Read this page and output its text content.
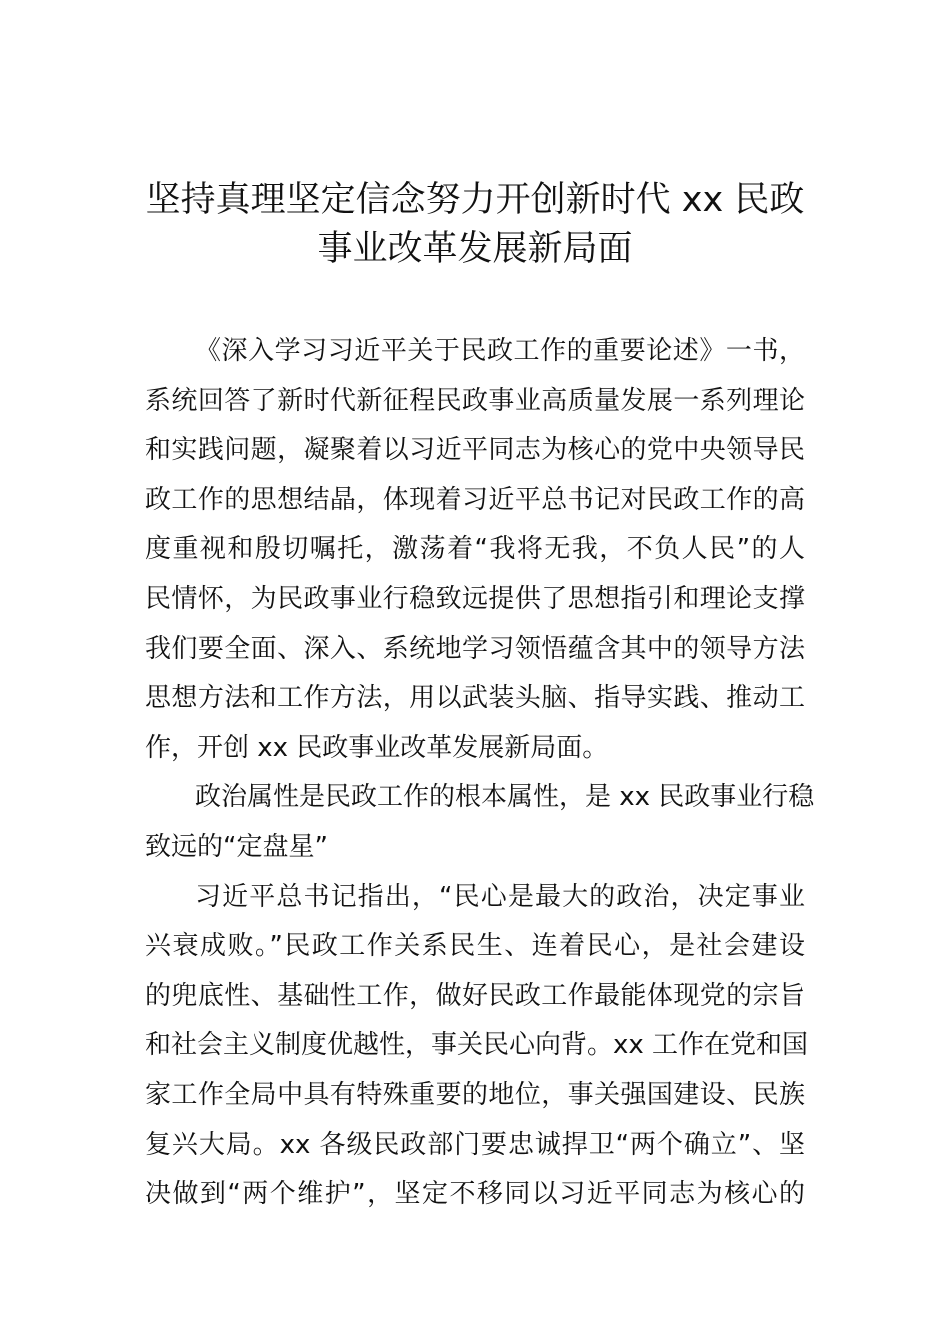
坚持真理坚定信念努力开创新时代 xx 民政
事业改革发展新局面
《深入学习习近平关于民政工作的重要论述》一书，
系统回答了新时代新征程民政事业高质量发展一系列理论
和实践问题，凝聚着以习近平同志为核心的党中央领导民
政工作的思想结晶，体现着习近平总书记对民政工作的高
度重视和殷切嘱托，激荡着“我将无我，不负人民”的人
民情怀，为民政事业行稳致远提供了思想指引和理论支撑
我们要全面、深入、系统地学习领悟蕴含其中的领导方法
思想方法和工作方法，用以武装头脑、指导实践、推动工
作，开创 xx 民政事业改革发展新局面。
政治属性是民政工作的根本属性，是 xx 民政事业行稳
致远的“定盘星”
习近平总书记指出，“民心是最大的政治，决定事业
兴衰成败。”民政工作关系民生、连着民心，是社会建设
的兜底性、基础性工作，做好民政工作最能体现党的宗旨
和社会主义制度优越性，事关民心向背。xx 工作在党和国
家工作全局中具有特殊重要的地位，事关强国建设、民族
复兴大局。xx 各级民政部门要忠诚捍卫“两个确立”、坚
决做到“两个维护”，坚定不移同以习近平同志为核心的
